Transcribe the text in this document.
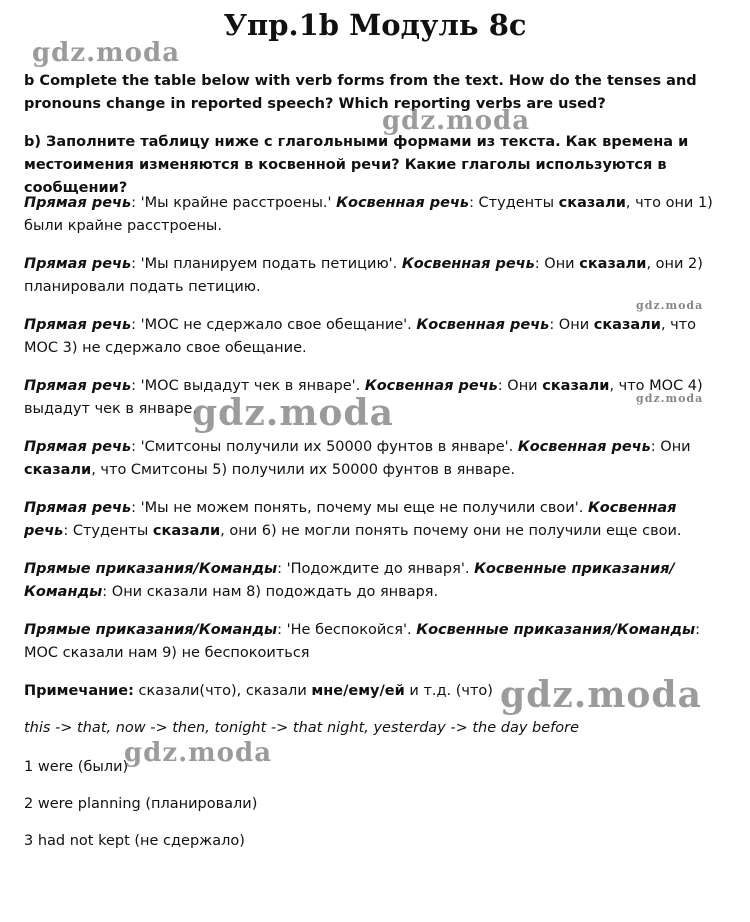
Упр.1b Модуль 8с

b Complete the table below with verb forms from the text. How do the tenses and pronouns change in reported speech? Which reporting verbs are used?

b) Заполните таблицу ниже с глагольными формами из текста. Как времена и местоимения изменяются в косвенной речи? Какие глаголы используются в сообщении?

Прямая речь: 'Мы крайне расстроены.' Косвенная речь: Студенты сказали, что они 1) были крайне расстроены.

Прямая речь: 'Мы планируем подать петицию'. Косвенная речь: Они сказали, они 2) планировали подать петицию.

Прямая речь: 'МОС не сдержало свое обещание'. Косвенная речь: Они сказали, что МОС 3) не сдержало свое обещание.

Прямая речь: 'МОС выдадут чек в январе'. Косвенная речь: Они сказали, что МОС 4) выдадут чек в январе.

Прямая речь: 'Смитсоны получили их 50000 фунтов в январе'. Косвенная речь: Они сказали, что Смитсоны 5) получили их 50000 фунтов в январе.

Прямая речь: 'Мы не можем понять, почему мы еще не получили свои'. Косвенная речь: Студенты сказали, они 6) не могли понять почему они не получили еще свои.

Прямые приказания/Команды: 'Подождите до января'. Косвенные приказания/Команды: Они сказали нам 8) подождать до января.

Прямые приказания/Команды: 'Не беспокойся'. Косвенные приказания/Команды: МОС сказали нам 9) не беспокоиться

Примечание: сказали(что), сказали мне/ему/ей и т.д. (что)

this -> that, now -> then, tonight -> that night, yesterday -> the day before

1 were (были)

2 were planning (планировали)

3 had not kept (не сдержало)

gdz.moda
gdz.moda
gdz.moda
gdz.moda	gdz.moda
gdz.moda
gdz.moda
